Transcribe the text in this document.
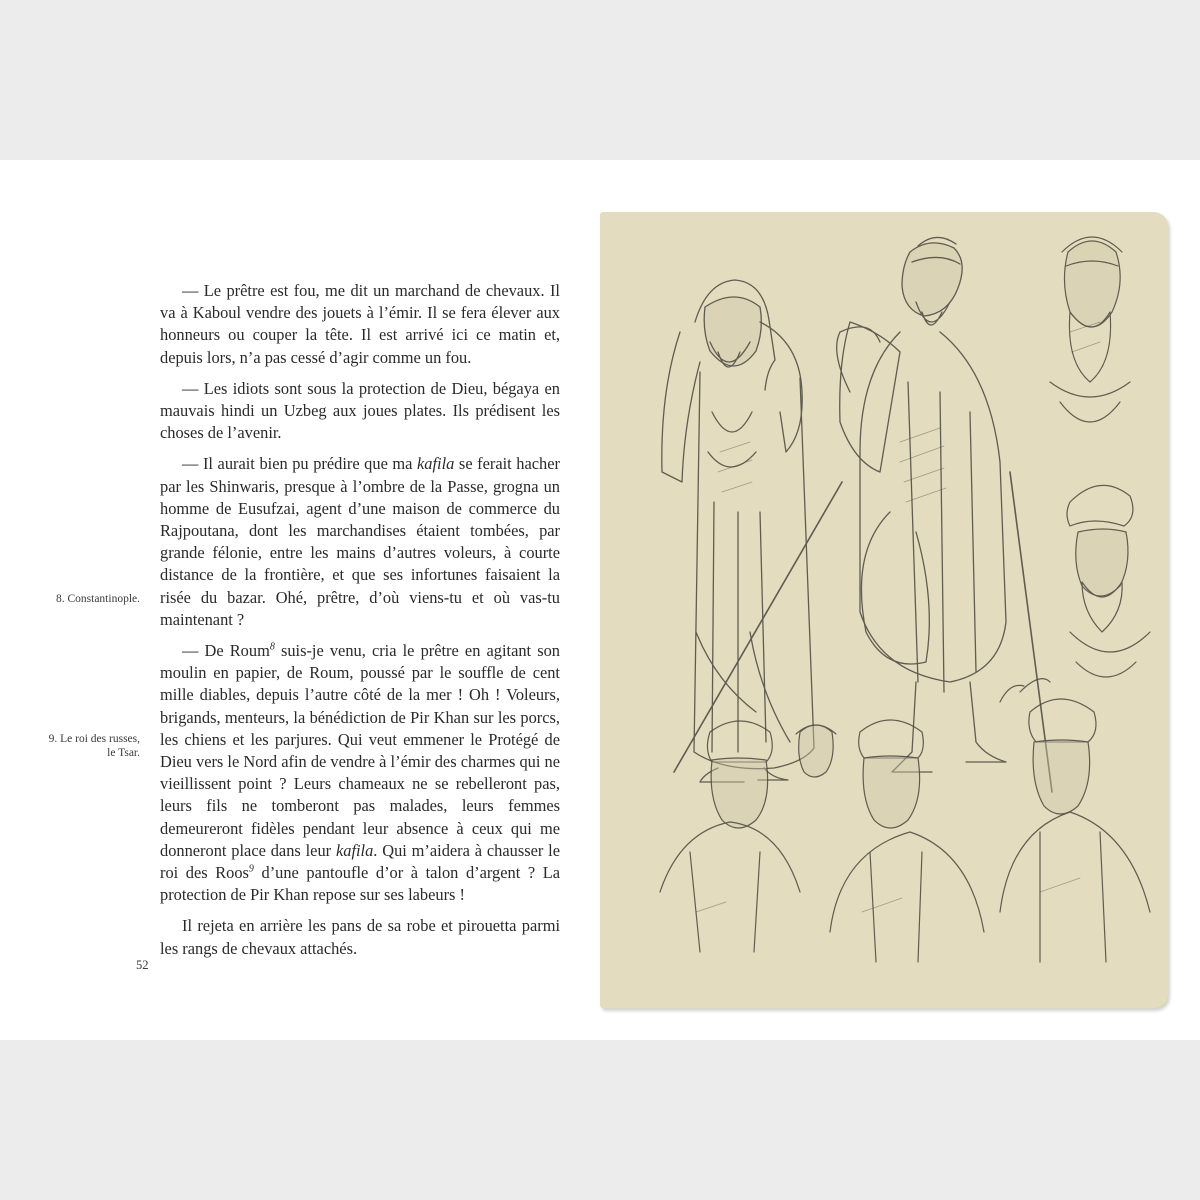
— Le prêtre est fou, me dit un marchand de chevaux. Il va à Kaboul vendre des jouets à l’émir. Il se fera élever aux honneurs ou couper la tête. Il est arrivé ici ce matin et, depuis lors, n’a pas cessé d’agir comme un fou.

— Les idiots sont sous la protection de Dieu, bégaya en mauvais hindi un Uzbeg aux joues plates. Ils prédisent les choses de l’avenir.

— Il aurait bien pu prédire que ma kafila se ferait hacher par les Shinwaris, presque à l’ombre de la Passe, grogna un homme de Eusufzai, agent d’une maison de commerce du Rajpoutana, dont les marchandises étaient tombées, par grande félonie, entre les mains d’autres voleurs, à courte distance de la frontière, et que ses infortunes faisaient la risée du bazar. Ohé, prêtre, d’où viens-tu et où vas-tu maintenant ?

— De Roum$^8$ suis-je venu, cria le prêtre en agitant son moulin en papier, de Roum, poussé par le souffle de cent mille diables, depuis l’autre côté de la mer ! Oh ! Voleurs, brigands, menteurs, la bénédiction de Pir Khan sur les porcs, les chiens et les parjures. Qui veut emmener le Protégé de Dieu vers le Nord afin de vendre à l’émir des charmes qui ne vieillissent point ? Leurs chameaux ne se rebelleront pas, leurs fils ne tomberont pas malades, leurs femmes demeureront fidèles pendant leur absence à ceux qui me donneront place dans leur kafila. Qui m’aidera à chausser le roi des Roos$^9$ d’une pantoufle d’or à talon d’argent ? La protection de Pir Khan repose sur ses labeurs !

Il rejeta en arrière les pans de sa robe et pirouetta parmi les rangs de chevaux attachés.

8. Constantinople.
9. Le roi des russes,
le Tsar.
52
